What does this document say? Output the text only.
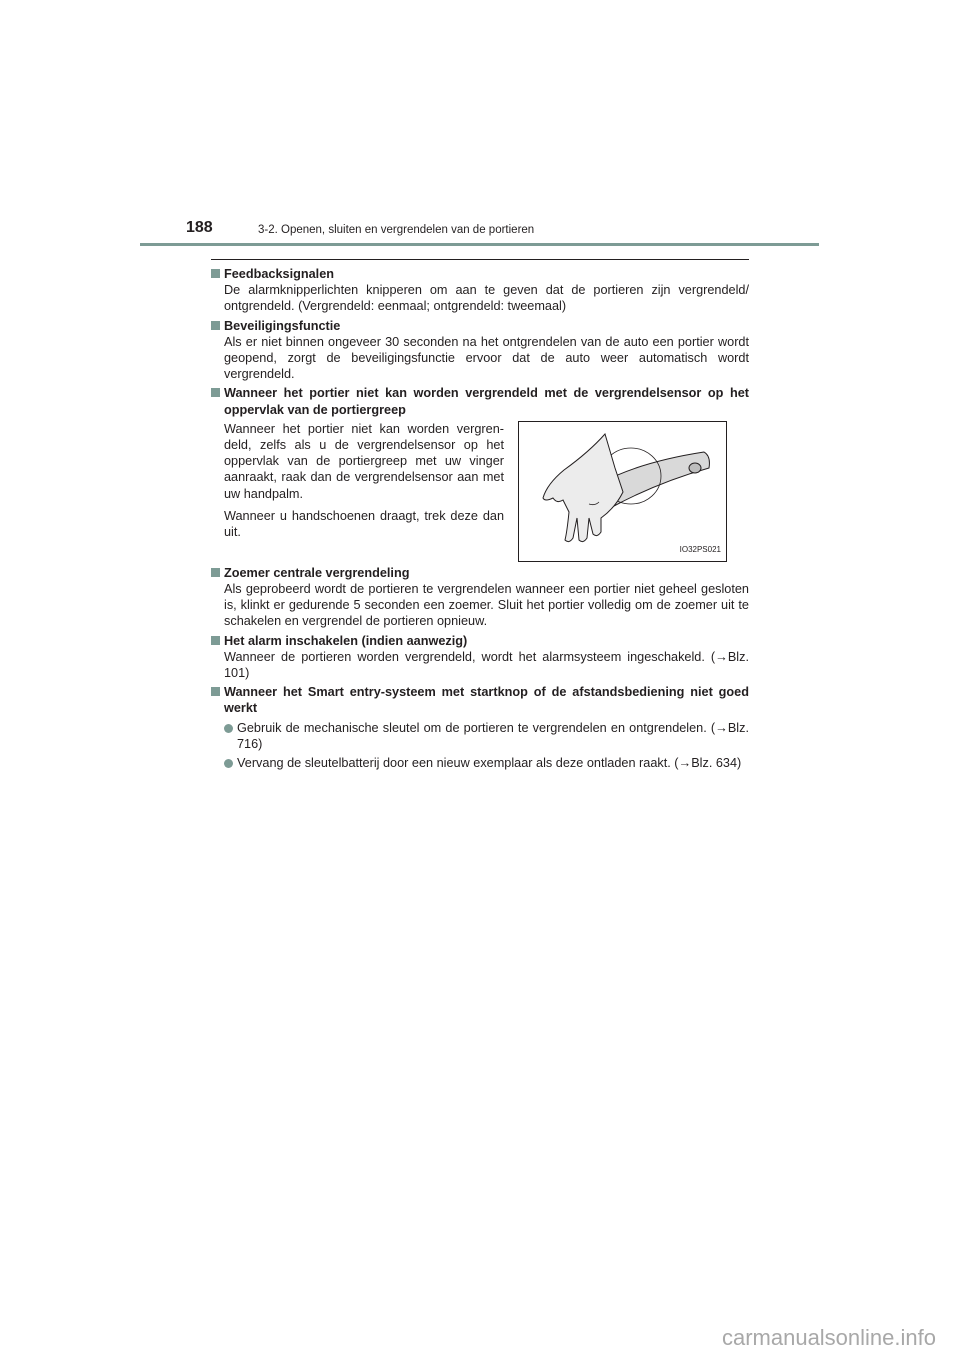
188	3-2. Openen, sluiten en vergrendelen van de portieren
Feedbacksignalen
De alarmknipperlichten knipperen om aan te geven dat de portieren zijn vergrendeld/ ontgrendeld. (Vergrendeld: eenmaal; ontgrendeld: tweemaal)
Beveiligingsfunctie
Als er niet binnen ongeveer 30 seconden na het ontgrendelen van de auto een portier wordt geopend, zorgt de beveiligingsfunctie ervoor dat de auto weer automatisch wordt vergrendeld.
Wanneer het portier niet kan worden vergrendeld met de vergrendelsensor op het oppervlak van de portiergreep

Wanneer het portier niet kan worden vergren-deld, zelfs als u de vergrendelsensor op het oppervlak van de portiergreep met uw vinger aanraakt, raak dan de vergrendelsensor aan met uw handpalm.

Wanneer u handschoenen draagt, trek deze dan uit.

IO32PS021
Zoemer centrale vergrendeling
Als geprobeerd wordt de portieren te vergrendelen wanneer een portier niet geheel gesloten is, klinkt er gedurende 5 seconden een zoemer. Sluit het portier volledig om de zoemer uit te schakelen en vergrendel de portieren opnieuw.
Het alarm inschakelen (indien aanwezig)
Wanneer de portieren worden vergrendeld, wordt het alarmsysteem ingeschakeld. (→Blz. 101)
Wanneer het Smart entry-systeem met startknop of de afstandsbediening niet goed werkt
Gebruik de mechanische sleutel om de portieren te vergrendelen en ontgrendelen. (→Blz. 716)
Vervang de sleutelbatterij door een nieuw exemplaar als deze ontladen raakt. (→Blz. 634)
carmanualsonline.info
